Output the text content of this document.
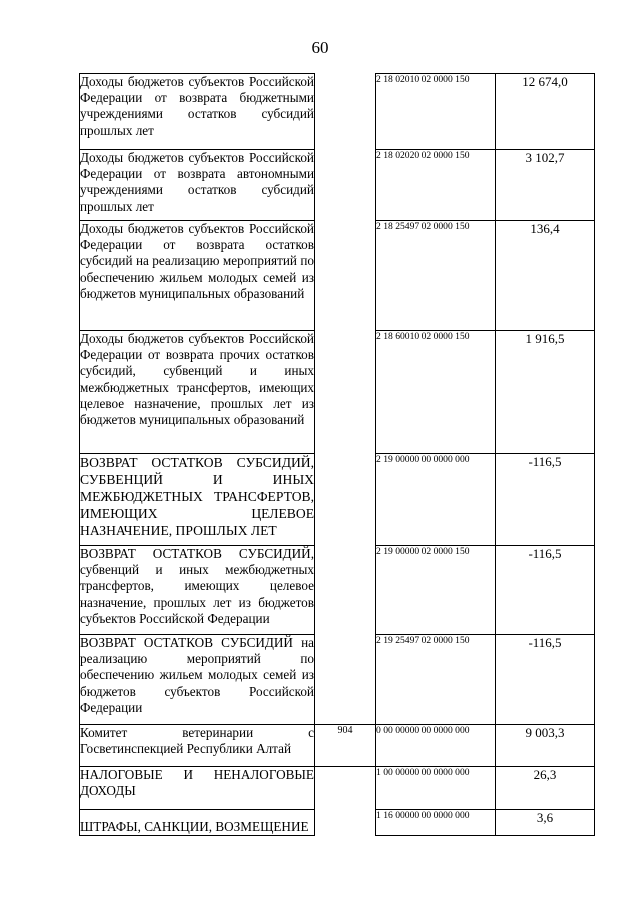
60
Доходы бюджетов субъектов Российской Федерации от возврата бюджетными учреждениями остатков субсидий прошлых лет		2 18 02010 02 0000 150	12 674,0
Доходы бюджетов субъектов Российской Федерации от возврата автономными учреждениями остатков субсидий прошлых лет		2 18 02020 02 0000 150	3 102,7
Доходы бюджетов субъектов Российской Федерации от возврата остатков субсидий на реализацию мероприятий по обеспечению жильем молодых семей из бюджетов муниципальных образований		2 18 25497 02 0000 150	136,4
Доходы бюджетов субъектов Российской Федерации от возврата прочих остатков субсидий, субвенций и иных межбюджетных трансфертов, имеющих целевое назначение, прошлых лет из бюджетов муниципальных образований		2 18 60010 02 0000 150	1 916,5
ВОЗВРАТ ОСТАТКОВ СУБСИДИЙ, СУБВЕНЦИЙ И ИНЫХ МЕЖБЮДЖЕТНЫХ ТРАНСФЕРТОВ, ИМЕЮЩИХ ЦЕЛЕВОЕ НАЗНАЧЕНИЕ, ПРОШЛЫХ ЛЕТ		2 19 00000 00 0000 000	-116,5
ВОЗВРАТ ОСТАТКОВ СУБСИДИЙ, субвенций и иных межбюджетных трансфертов, имеющих целевое назначение, прошлых лет из бюджетов субъектов Российской Федерации		2 19 00000 02 0000 150	-116,5
ВОЗВРАТ ОСТАТКОВ СУБСИДИЙ на реализацию мероприятий по обеспечению жильем молодых семей из бюджетов субъектов Российской Федерации		2 19 25497 02 0000 150	-116,5
Комитет ветеринарии с Госветинспекцией Республики Алтай	904	0 00 00000 00 0000 000	9 003,3
НАЛОГОВЫЕ И НЕНАЛОГОВЫЕ ДОХОДЫ		1 00 00000 00 0000 000	26,3
ШТРАФЫ, САНКЦИИ, ВОЗМЕЩЕНИЕ		1 16 00000 00 0000 000	3,6
